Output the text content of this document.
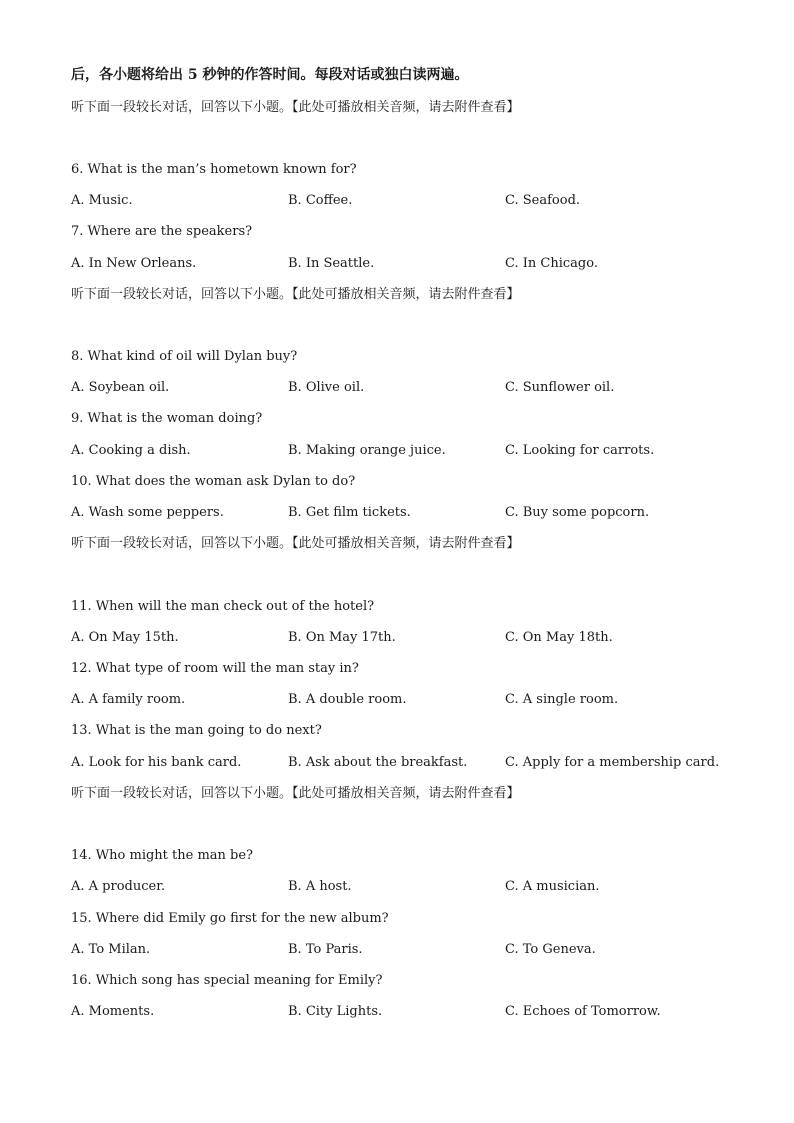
后，各小题将给出 5 秒钟的作答时间。每段对话或独白读两遍。
听下面一段较长对话，回答以下小题。【此处可播放相关音频，请去附件查看】
6. What is the man’s hometown known for?
A. Music.	B. Coffee.	C. Seafood.
7. Where are the speakers?
A. In New Orleans.	B. In Seattle.	C. In Chicago.
听下面一段较长对话，回答以下小题。【此处可播放相关音频，请去附件查看】
8. What kind of oil will Dylan buy?
A. Soybean oil.	B. Olive oil.	C. Sunflower oil.
9. What is the woman doing?
A. Cooking a dish.	B. Making orange juice.	C. Looking for carrots.
10. What does the woman ask Dylan to do?
A. Wash some peppers.	B. Get film tickets.	C. Buy some popcorn.
听下面一段较长对话，回答以下小题。【此处可播放相关音频，请去附件查看】
11. When will the man check out of the hotel?
A. On May 15th.	B. On May 17th.	C. On May 18th.
12. What type of room will the man stay in?
A. A family room.	B. A double room.	C. A single room.
13. What is the man going to do next?
A. Look for his bank card.	B. Ask about the breakfast.	C. Apply for a membership card.
听下面一段较长对话，回答以下小题。【此处可播放相关音频，请去附件查看】
14. Who might the man be?
A. A producer.	B. A host.	C. A musician.
15. Where did Emily go first for the new album?
A. To Milan.	B. To Paris.	C. To Geneva.
16. Which song has special meaning for Emily?
A. Moments.	B. City Lights.	C. Echoes of Tomorrow.
